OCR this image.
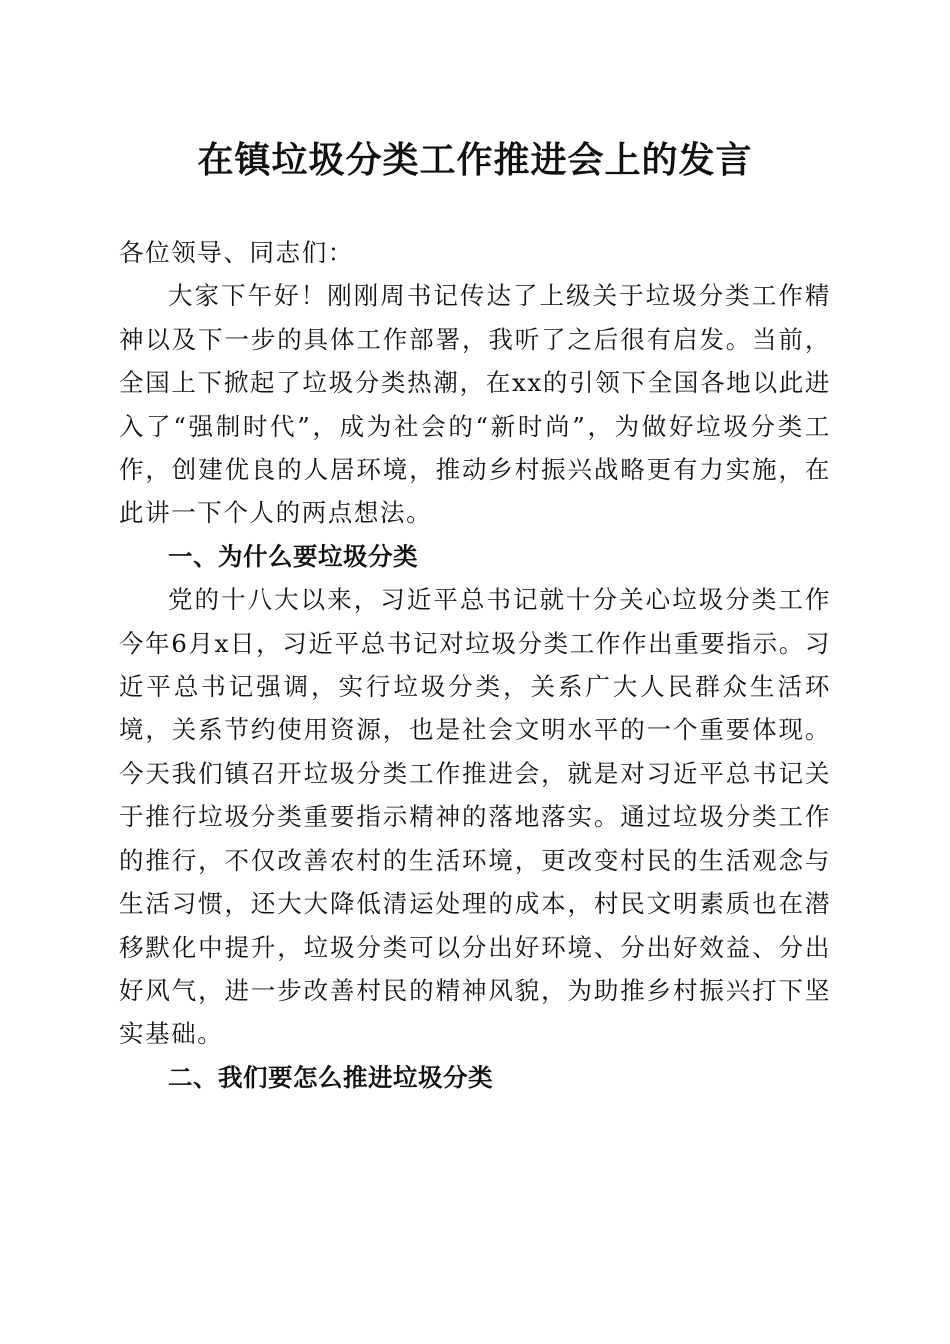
在镇垃圾分类工作推进会上的发言

各位领导、同志们：

大家下午好！刚刚周书记传达了上级关于垃圾分类工作精神以及下一步的具体工作部署，我听了之后很有启发。当前，全国上下掀起了垃圾分类热潮，在xx的引领下全国各地以此进入了“强制时代”，成为社会的“新时尚”，为做好垃圾分类工作，创建优良的人居环境，推动乡村振兴战略更有力实施，在此讲一下个人的两点想法。

一、为什么要垃圾分类

党的十八大以来，习近平总书记就十分关心垃圾分类工作今年6月x日，习近平总书记对垃圾分类工作作出重要指示。习近平总书记强调，实行垃圾分类，关系广大人民群众生活环境，关系节约使用资源，也是社会文明水平的一个重要体现。今天我们镇召开垃圾分类工作推进会，就是对习近平总书记关于推行垃圾分类重要指示精神的落地落实。通过垃圾分类工作的推行，不仅改善农村的生活环境，更改变村民的生活观念与生活习惯，还大大降低清运处理的成本，村民文明素质也在潜移默化中提升，垃圾分类可以分出好环境、分出好效益、分出好风气，进一步改善村民的精神风貌，为助推乡村振兴打下坚实基础。

二、我们要怎么推进垃圾分类
